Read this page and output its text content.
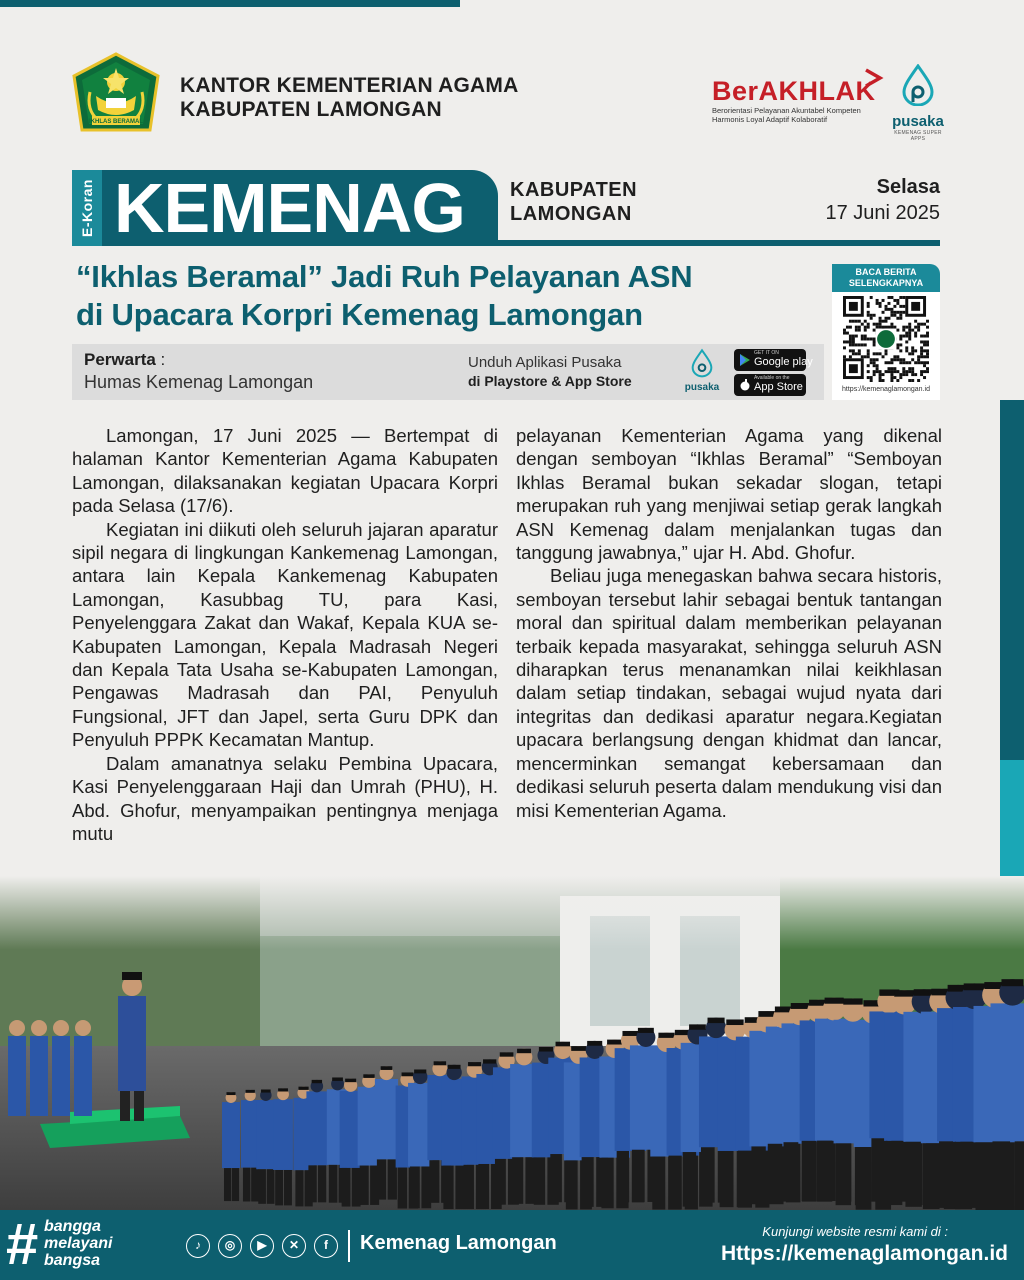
IKHLAS BERAMAL
KANTOR KEMENTERIAN AGAMA
KABUPATEN LAMONGAN
BerAKHLAK
Berorientasi Pelayanan Akuntabel Kompeten
Harmonis Loyal Adaptif Kolaboratif	pusaka
KEMENAG SUPER APPS
E-Koran KEMENAG KABUPATEN
LAMONGAN
Selasa
17 Juni 2025
“Ikhlas Beramal” Jadi Ruh Pelayanan ASN
di Upacara Korpri Kemenag Lamongan
Perwarta :
Humas Kemenag Lamongan
Unduh Aplikasi Pusaka
di Playstore & App Store	pusaka
GET IT ON
Google play
Available on the
App Store
BACA BERITA
SELENGKAPNYA
https://kemenaglamongan.id

Lamongan, 17 Juni 2025 — Bertempat di halaman Kantor Kementerian Agama Kabupaten Lamongan, dilaksanakan kegiatan Upacara Korpri pada Selasa (17/6).

Kegiatan ini diikuti oleh seluruh jajaran aparatur sipil negara di lingkungan Kankemenag Lamongan, antara lain Kepala Kankemenag Kabupaten Lamongan, Kasubbag TU, para Kasi, Penyelenggara Zakat dan Wakaf, Kepala KUA se-Kabupaten Lamongan, Kepala Madrasah Negeri dan Kepala Tata Usaha se-Kabupaten Lamongan, Pengawas Madrasah dan PAI, Penyuluh Fungsional, JFT dan Japel, serta Guru DPK dan Penyuluh PPPK Kecamatan Mantup.

Dalam amanatnya selaku Pembina Upacara, Kasi Penyelenggaraan Haji dan Umrah (PHU), H. Abd. Ghofur, menyampaikan pentingnya menjaga mutu

pelayanan Kementerian Agama yang dikenal dengan semboyan “Ikhlas Beramal” “Semboyan Ikhlas Beramal bukan sekadar slogan, tetapi merupakan ruh yang menjiwai setiap gerak langkah ASN Kemenag dalam menjalankan tugas dan tanggung jawabnya,” ujar H. Abd. Ghofur.

Beliau juga menegaskan bahwa secara historis, semboyan tersebut lahir sebagai bentuk tantangan moral dan spiritual dalam memberikan pelayanan terbaik kepada masyarakat, sehingga seluruh ASN diharapkan terus menanamkan nilai keikhlasan dalam setiap tindakan, sebagai wujud nyata dari integritas dan dedikasi aparatur negara.Kegiatan upacara berlangsung dengan khidmat dan lancar, mencerminkan semangat kebersamaan dan dedikasi seluruh peserta dalam mendukung visi dan misi Kementerian Agama.

# bangga
melayani
bangsa
♪	◎	▶	✕	f	Kemenag Lamongan
Kunjungi website resmi kami di :
Https://kemenaglamongan.id
